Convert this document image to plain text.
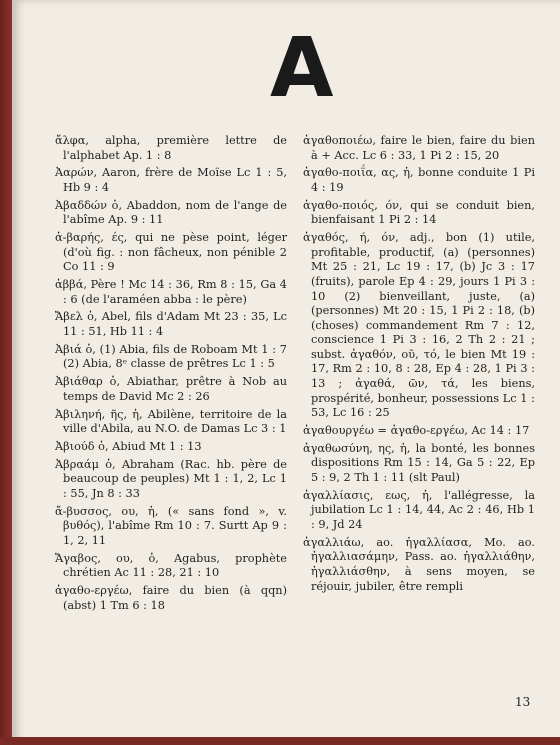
A

ἄλφα, alpha, première lettre de l'alphabet Ap. 1 : 8

Ἀαρών, Aaron, frère de Moïse Lc 1 : 5, Hb 9 : 4

Ἀβαδδών ὁ, Abaddon, nom de l'ange de l'abîme Ap. 9 : 11

ἀ-βαρής, ές, qui ne pèse point, léger (d'où fig. : non fâcheux, non pénible 2 Co 11 : 9

ἀββά, Père ! Mc 14 : 36, Rm 8 : 15, Ga 4 : 6 (de l'araméen abba : le père)

Ἄβελ ὁ, Abel, fils d'Adam Mt 23 : 35, Lc 11 : 51, Hb 11 : 4

Ἀβιά ὁ, (1) Abia, fils de Roboam Mt 1 : 7 (2) Abia, 8ᵉ classe de prêtres Lc 1 : 5

Ἀβιάθαρ ὁ, Abiathar, prêtre à Nob au temps de David Mc 2 : 26

Ἀβιληνή, ῆς, ἡ, Abilène, territoire de la ville d'Abila, au N.O. de Damas Lc 3 : 1

Ἀβιούδ ὁ, Abiud Mt 1 : 13

Ἀβραάμ ὁ, Abraham (Rac. hb. père de beaucoup de peuples) Mt 1 : 1, 2, Lc 1 : 55, Jn 8 : 33

ἄ-βυσσος, ου, ἡ, (« sans fond », v. βυθός), l'abîme Rm 10 : 7. Surtt Ap 9 : 1, 2, 11

Ἄγαβος, ου, ὁ, Agabus, prophète chrétien Ac 11 : 28, 21 : 10

ἀγαθο-εργέω, faire du bien (à qqn) (abst) 1 Tm 6 : 18

ἀγαθοποιέω, faire le bien, faire du bien à + Acc. Lc 6 : 33, 1 Pi 2 : 15, 20

ἀγαθο-ποιΐα, ας, ἡ, bonne conduite 1 Pi 4 : 19

ἀγαθο-ποιός, όν, qui se conduit bien, bienfaisant 1 Pi 2 : 14

ἀγαθός, ή, όν, adj., bon (1) utile, profitable, productif, (a) (personnes) Mt 25 : 21, Lc 19 : 17, (b) Jc 3 : 17 (fruits), parole Ep 4 : 29, jours 1 Pi 3 : 10 (2) bienveillant, juste, (a) (personnes) Mt 20 : 15, 1 Pi 2 : 18, (b) (choses) commandement Rm 7 : 12, conscience 1 Pi 3 : 16, 2 Th 2 : 21 ; subst. ἀγαθόν, οῦ, τό, le bien Mt 19 : 17, Rm 2 : 10, 8 : 28, Ep 4 : 28, 1 Pi 3 : 13 ; ἀγαθά, ῶν, τά, les biens, prospérité, bonheur, possessions Lc 1 : 53, Lc 16 : 25

ἀγαθουργέω = ἀγαθο-εργέω, Ac 14 : 17

ἀγαθωσύνη, ης, ἡ, la bonté, les bonnes dispositions Rm 15 : 14, Ga 5 : 22, Ep 5 : 9, 2 Th 1 : 11 (slt Paul)

ἀγαλλίασις, εως, ἡ, l'allégresse, la jubilation Lc 1 : 14, 44, Ac 2 : 46, Hb 1 : 9, Jd 24

ἀγαλλιάω, ao. ἠγαλλίασα, Mo. ao. ἠγαλλιασάμην, Pass. ao. ἠγαλλιάθην, ἠγαλλιάσθην, à sens moyen, se réjouir, jubiler, être rempli

13
